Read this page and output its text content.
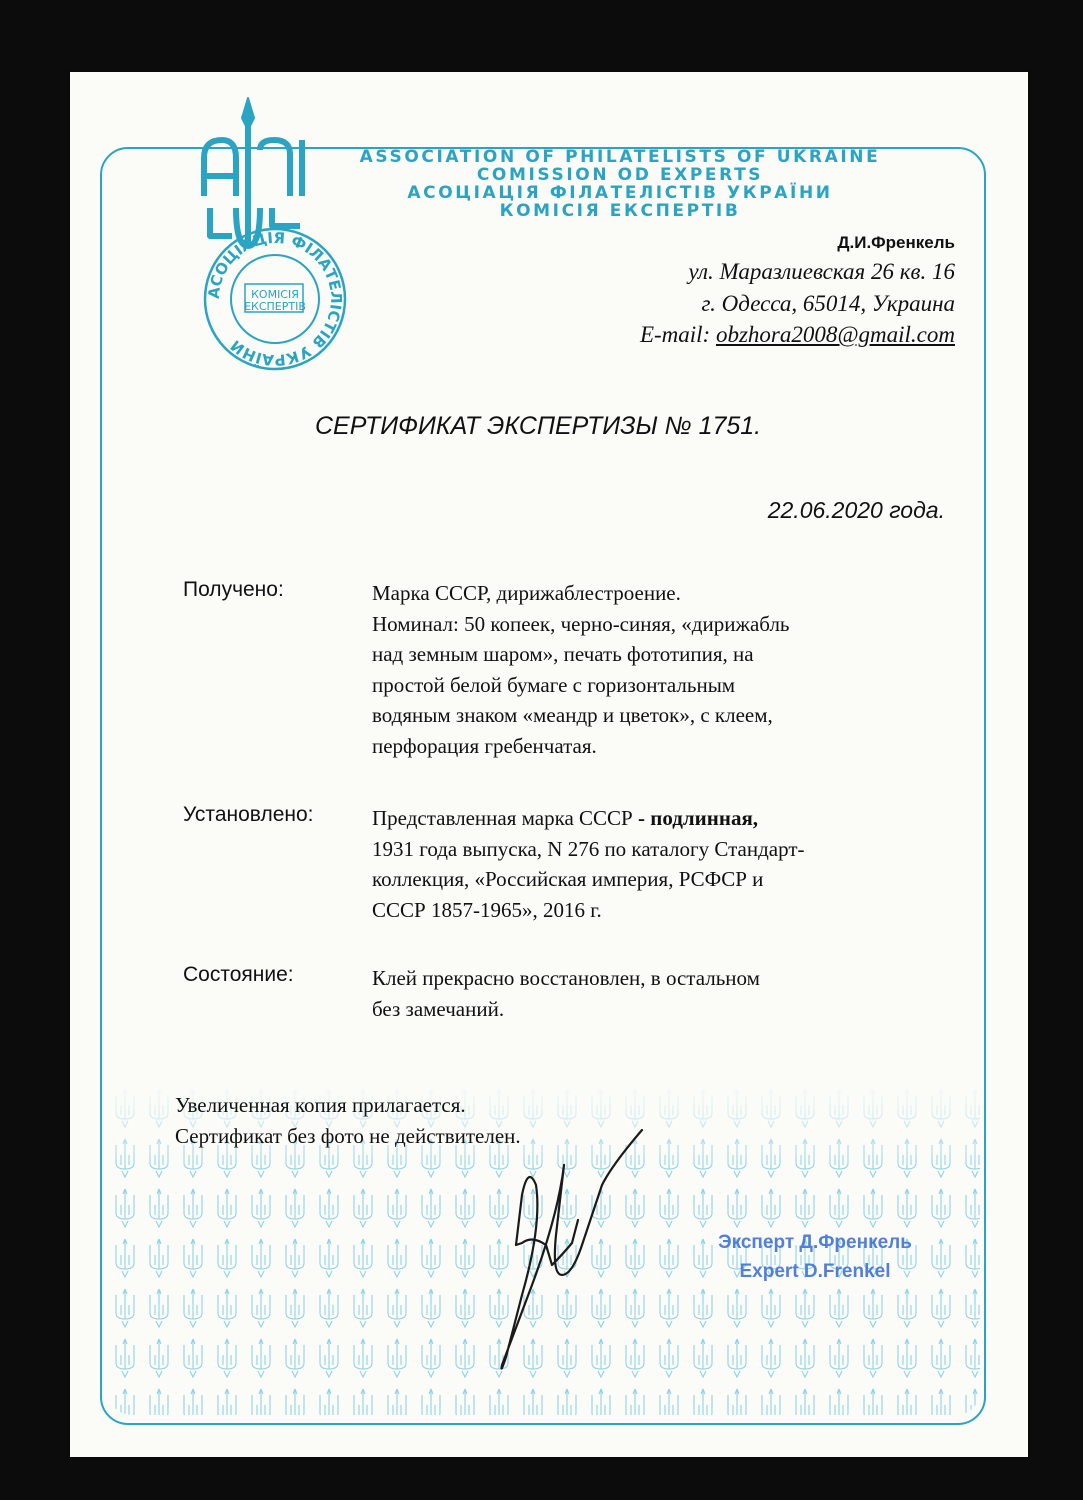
АСОЦІАЦІЯ ФІЛАТЕЛІСТІВ УКРАЇНИ
КОМІСІЯ
ЕКСПЕРТІВ
ASSOCIATION OF PHILATELISTS OF UKRAINE
COMISSION OD EXPERTS
АСОЦІАЦІЯ ФІЛАТЕЛІСТІВ УКРАЇНИ
КОМІСІЯ ЕКСПЕРТІВ
Д.И.Френкель
ул. Маразлиевская 26 кв. 16
г. Одесса, 65014, Украина
E-mail: obzhora2008@gmail.com
СЕРТИФИКАТ ЭКСПЕРТИЗЫ № 1751.
22.06.2020 года.
Получено:	Марка СССР, дирижаблестроение.
Номинал: 50 копеек, черно-синяя, «дирижабль
над земным шаром», печать фототипия, на
простой белой бумаге с горизонтальным
водяным знаком «меандр и цветок», с клеем,
перфорация гребенчатая.
Установлено:	Представленная марка СССР - подлинная,
1931 года выпуска, N 276 по каталогу Стандарт-
коллекция, «Российская империя, РСФСР и
СССР 1857-1965», 2016 г.
Состояние:	Клей прекрасно восстановлен, в остальном
без замечаний.
Увеличенная копия прилагается.
Сертификат без фото не действителен.
Эксперт Д.Френкель
Expert D.Frenkel
